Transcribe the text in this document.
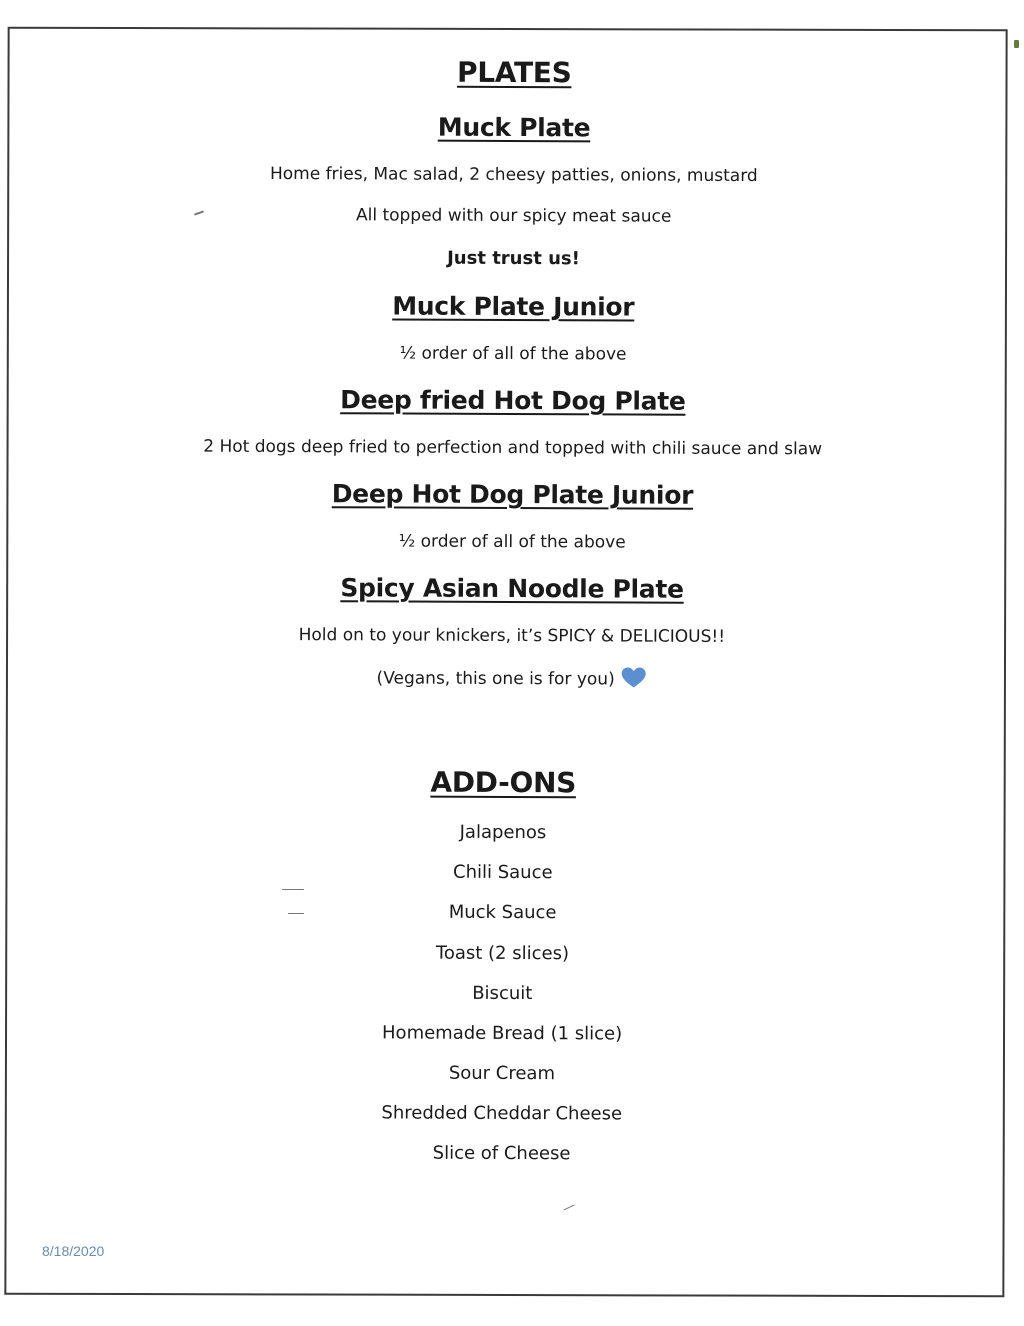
PLATES
Muck Plate
Home fries, Mac salad, 2 cheesy patties, onions, mustard
All topped with our spicy meat sauce
Just trust us!
Muck Plate Junior
½ order of all of the above
Deep fried Hot Dog Plate
2 Hot dogs deep fried to perfection and topped with chili sauce and slaw
Deep Hot Dog Plate Junior
½ order of all of the above
Spicy Asian Noodle Plate
Hold on to your knickers, it’s SPICY & DELICIOUS!!
(Vegans, this one is for you)
ADD-ONS
Jalapenos
Chili Sauce
Muck Sauce
Toast (2 slices)
Biscuit
Homemade Bread (1 slice)
Sour Cream
Shredded Cheddar Cheese
Slice of Cheese
8/18/2020
